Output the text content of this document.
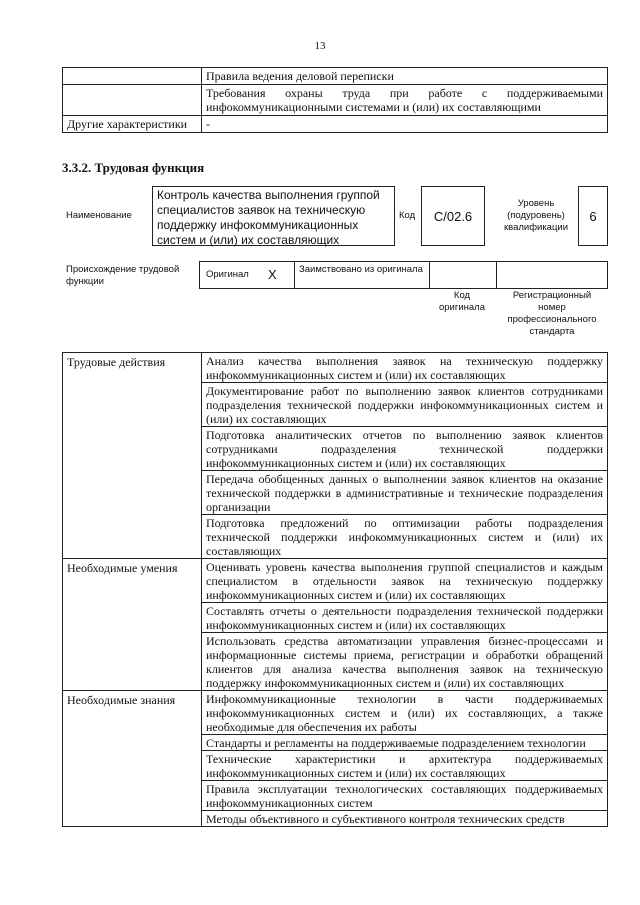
13
	Правила ведения деловой переписки
	Требования охраны труда при работе с поддерживаемыми инфокоммуникационными системами и (или) их составляющими
Другие характеристики	-
3.3.2. Трудовая функция
Наименование
Контроль качества выполнения группой специалистов заявок на техническую поддержку инфокоммуникационных систем и (или) их составляющих
Код	C/02.6
Уровень (подуровень) квалификации
6
Происхождение трудовой функции
Оригинал X Заимствовано из оригинала
Код оригинала
Регистрационный номер профессионального стандарта
Трудовые действия	Анализ качества выполнения заявок на техническую поддержку инфокоммуникационных систем и (или) их составляющих
	Документирование работ по выполнению заявок клиентов сотрудниками подразделения технической поддержки инфокоммуникационных систем и (или) их составляющих
	Подготовка аналитических отчетов по выполнению заявок клиентов сотрудниками подразделения технической поддержки инфокоммуникационных систем и (или) их составляющих
	Передача обобщенных данных о выполнении заявок клиентов на оказание технической поддержки в административные и технические подразделения организации
	Подготовка предложений по оптимизации работы подразделения технической поддержки инфокоммуникационных систем и (или) их составляющих
Необходимые умения	Оценивать уровень качества выполнения группой специалистов и каждым специалистом в отдельности заявок на техническую поддержку инфокоммуникационных систем и (или) их составляющих
	Составлять отчеты о деятельности подразделения технической поддержки инфокоммуникационных систем и (или) их составляющих
	Использовать средства автоматизации управления бизнес-процессами и информационные системы приема, регистрации и обработки обращений клиентов для анализа качества выполнения заявок на техническую поддержку инфокоммуникационных систем и (или) их составляющих
Необходимые знания	Инфокоммуникационные технологии в части поддерживаемых инфокоммуникационных систем и (или) их составляющих, а также необходимые для обеспечения их работы
	Стандарты и регламенты на поддерживаемые подразделением технологии
	Технические характеристики и архитектура поддерживаемых инфокоммуникационных систем и (или) их составляющих
	Правила эксплуатации технологических составляющих поддерживаемых инфокоммуникационных систем
	Методы объективного и субъективного контроля технических средств
